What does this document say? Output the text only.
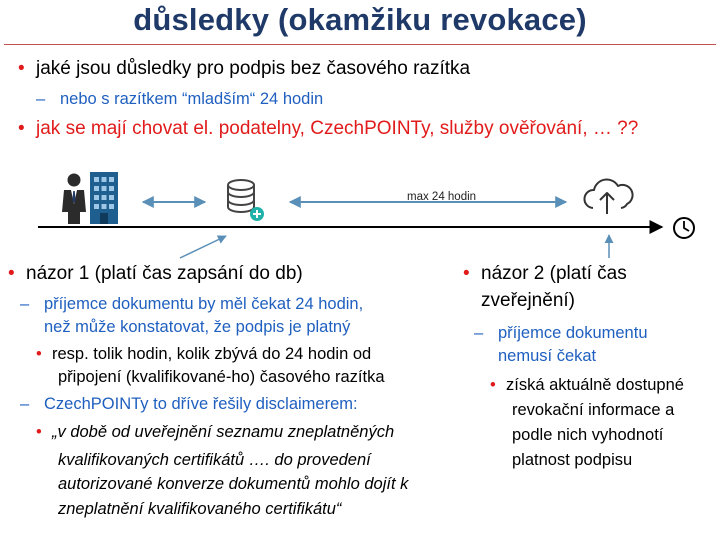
důsledky (okamžiku revokace)
• jaké jsou důsledky pro podpis bez časového razítka
– nebo s razítkem “mladším“ 24 hodin
• jak se mají chovat el. podatelny, CzechPOINTy, služby ověřování, … ??
max 24 hodin
• názor 1 (platí čas zapsání do db)
– příjemce dokumentu by měl čekat 24 hodin,
než může konstatovat, že podpis je platný
• resp. tolik hodin, kolik zbývá do 24 hodin od
připojení (kvalifikované-ho) časového razítka
– CzechPOINTy to dříve řešily disclaimerem:
• „v době od uveřejnění seznamu zneplatněných
kvalifikovaných certifikátů …. do provedení
autorizované konverze dokumentů mohlo dojít k
zneplatnění kvalifikovaného certifikátu“
• názor 2 (platí čas
zveřejnění)
– příjemce dokumentu
nemusí čekat
• získá aktuálně dostupné
revokační informace a
podle nich vyhodnotí
platnost podpisu
